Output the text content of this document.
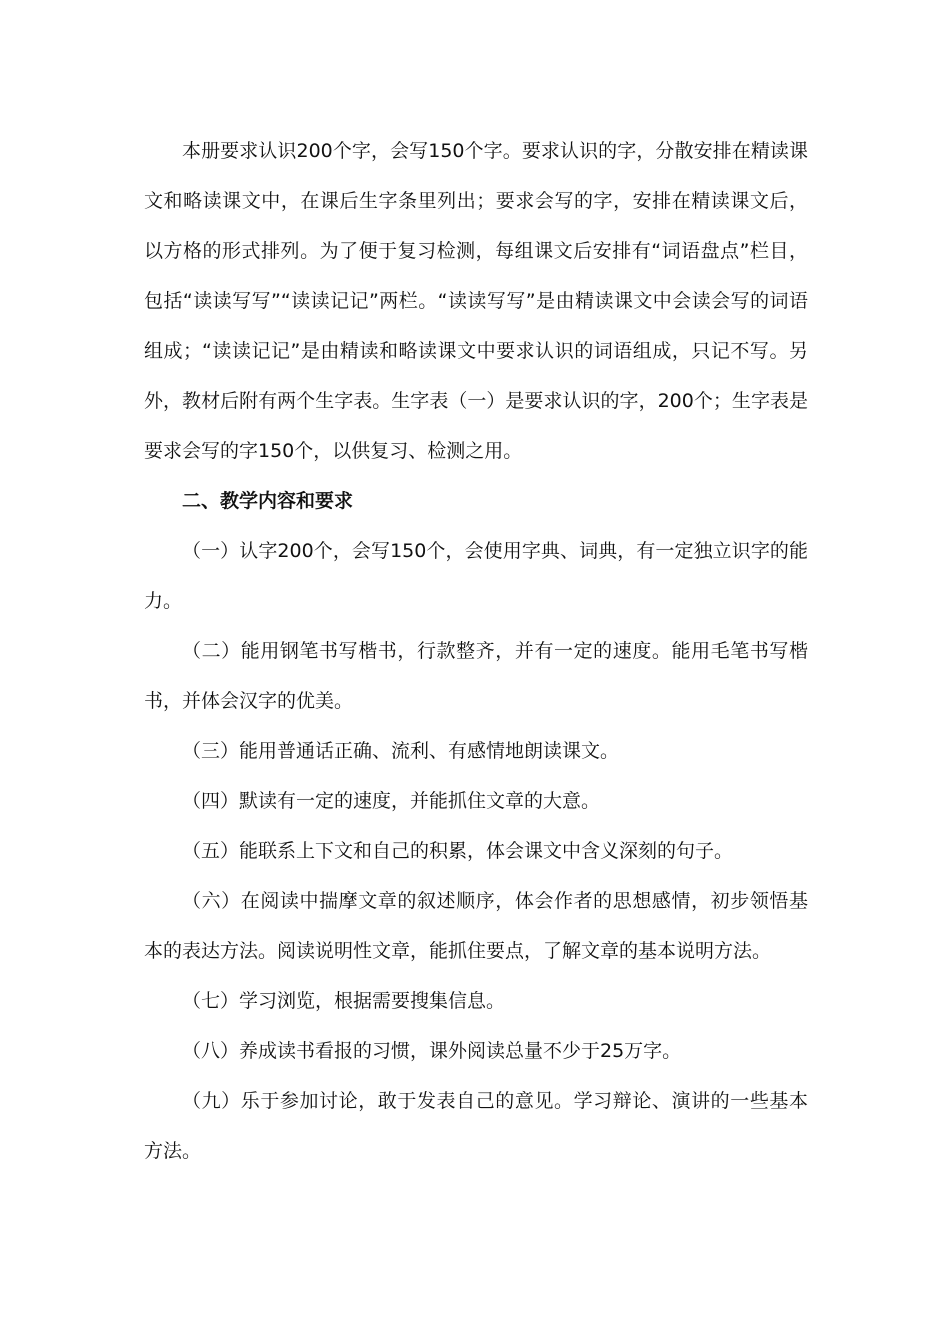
本册要求认识200个字，会写150个字。要求认识的字，分散安排在精读课文和略读课文中，在课后生字条里列出；要求会写的字，安排在精读课文后，以方格的形式排列。为了便于复习检测，每组课文后安排有“词语盘点”栏目，包括“读读写写”“读读记记”两栏。“读读写写”是由精读课文中会读会写的词语组成；“读读记记”是由精读和略读课文中要求认识的词语组成，只记不写。另外，教材后附有两个生字表。生字表（一）是要求认识的字，200个；生字表是要求会写的字150个，以供复习、检测之用。

二、教学内容和要求

（一）认字200个，会写150个，会使用字典、词典，有一定独立识字的能力。

（二）能用钢笔书写楷书，行款整齐，并有一定的速度。能用毛笔书写楷书，并体会汉字的优美。

（三）能用普通话正确、流利、有感情地朗读课文。

（四）默读有一定的速度，并能抓住文章的大意。

（五）能联系上下文和自己的积累，体会课文中含义深刻的句子。

（六）在阅读中揣摩文章的叙述顺序，体会作者的思想感情，初步领悟基本的表达方法。阅读说明性文章，能抓住要点，了解文章的基本说明方法。

（七）学习浏览，根据需要搜集信息。

（八）养成读书看报的习惯，课外阅读总量不少于25万字。

（九）乐于参加讨论，敢于发表自己的意见。学习辩论、演讲的一些基本方法。
